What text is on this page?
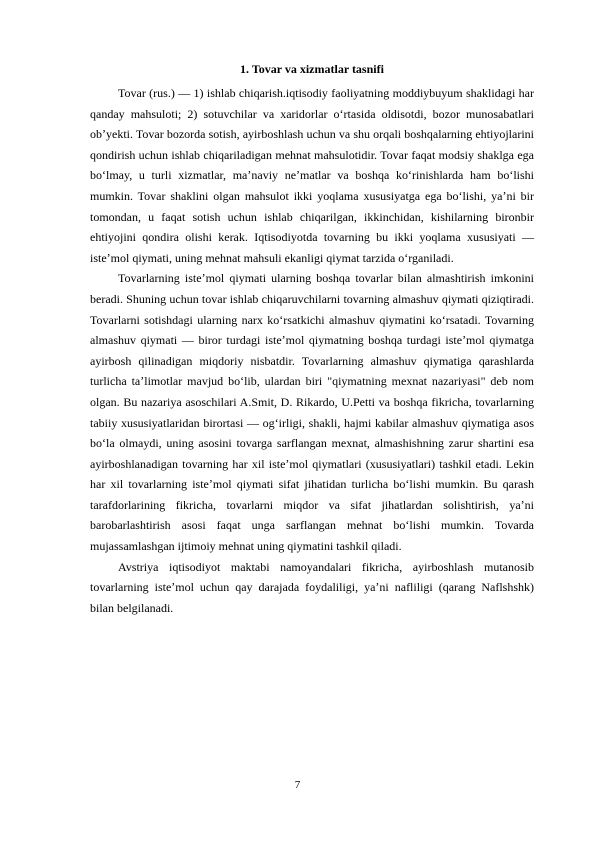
1. Tovar va xizmatlar tasnifi

Tovar (rus.) — 1) ishlab chiqarish.iqtisodiy faoliyatning moddiybuyum shaklidagi har qanday mahsuloti; 2) sotuvchilar va xaridorlar oʻrtasida oldisotdi, bozor munosabatlari obʼyekti. Tovar bozorda sotish, ayirboshlash uchun va shu orqali boshqalarning ehtiyojlarini qondirish uchun ishlab chiqariladigan mehnat mahsulotidir. Tovar faqat modsiy shaklga ega boʻlmay, u turli xizmatlar, maʼnaviy neʼmatlar va boshqa koʻrinishlarda ham boʻlishi mumkin. Tovar shaklini olgan mahsulot ikki yoqlama xususiyatga ega boʻlishi, yaʼni bir tomondan, u faqat sotish uchun ishlab chiqarilgan, ikkinchidan, kishilarning bironbir ehtiyojini qondira olishi kerak. Iqtisodiyotda tovarning bu ikki yoqlama xususiyati — isteʼmol qiymati, uning mehnat mahsuli ekanligi qiymat tarzida oʻrganiladi.

Tovarlarning isteʼmol qiymati ularning boshqa tovarlar bilan almashtirish imkonini beradi. Shuning uchun tovar ishlab chiqaruvchilarni tovarning almashuv qiymati qiziqtiradi. Tovarlarni sotishdagi ularning narx koʻrsatkichi almashuv qiymatini koʻrsatadi. Tovarning almashuv qiymati — biror turdagi isteʼmol qiymatning boshqa turdagi isteʼmol qiymatga ayirbosh qilinadigan miqdoriy nisbatdir. Tovarlarning almashuv qiymatiga qarashlarda turlicha taʼlimotlar mavjud boʻlib, ulardan biri "qiymatning mexnat nazariyasi" deb nom olgan. Bu nazariya asoschilari A.Smit, D. Rikardo, U.Petti va boshqa fikricha, tovarlarning tabiiy xususiyatlaridan birortasi — ogʻirligi, shakli, hajmi kabilar almashuv qiymatiga asos boʻla olmaydi, uning asosini tovarga sarflangan mexnat, almashishning zarur shartini esa ayirboshlanadigan tovarning har xil isteʼmol qiymatlari (xususiyatlari) tashkil etadi. Lekin har xil tovarlarning isteʼmol qiymati sifat jihatidan turlicha boʻlishi mumkin. Bu qarash tarafdorlarining fikricha, tovarlarni miqdor va sifat jihatlardan solishtirish, yaʼni barobarlashtirish asosi faqat unga sarflangan mehnat boʻlishi mumkin. Tovarda mujassamlashgan ijtimoiy mehnat uning qiymatini tashkil qiladi.

Avstriya iqtisodiyot maktabi namoyandalari fikricha, ayirboshlash mutanosib tovarlarning isteʼmol uchun qay darajada foydaliligi, yaʼni nafliligi (qarang Naflshshk) bilan belgilanadi.

7
